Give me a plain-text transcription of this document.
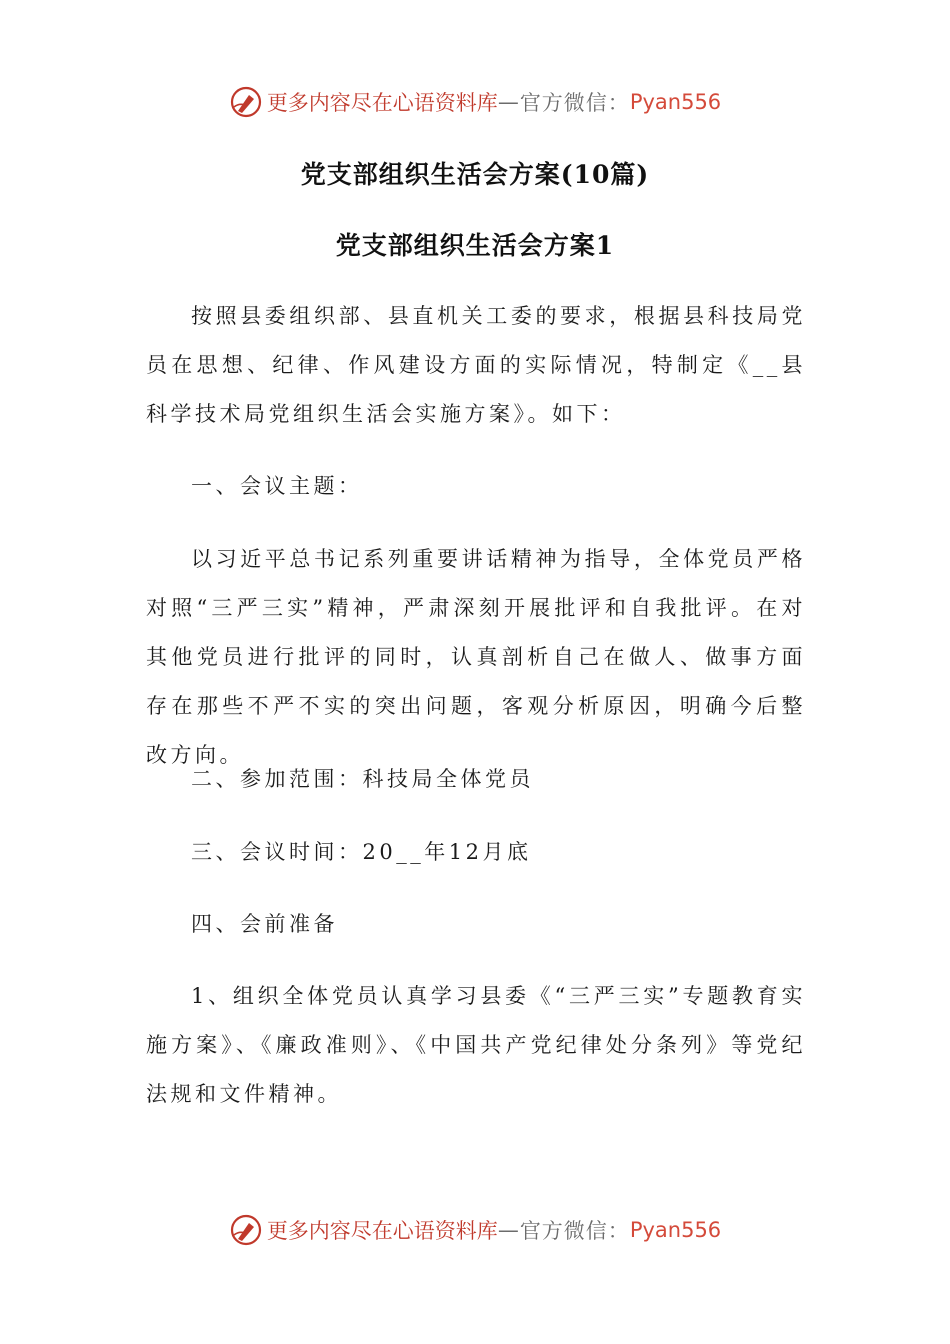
更多内容尽在心语资料库 — 官方微信： Pyan556
党支部组织生活会方案(10篇)
党支部组织生活会方案1
按照县委组织部、县直机关工委的要求，根据县科技局党员在思想、纪律、作风建设方面的实际情况，特制定《__县科学技术局党组织生活会实施方案》。如下：
一、会议主题：
以习近平总书记系列重要讲话精神为指导，全体党员严格对照“三严三实”精神，严肃深刻开展批评和自我批评。在对其他党员进行批评的同时，认真剖析自己在做人、做事方面存在那些不严不实的突出问题，客观分析原因，明确今后整改方向。
二、参加范围：科技局全体党员
三、会议时间：20__年12月底
四、会前准备
1、组织全体党员认真学习县委《“三严三实”专题教育实施方案》、《廉政准则》、《中国共产党纪律处分条列》等党纪法规和文件精神。
更多内容尽在心语资料库 — 官方微信： Pyan556
